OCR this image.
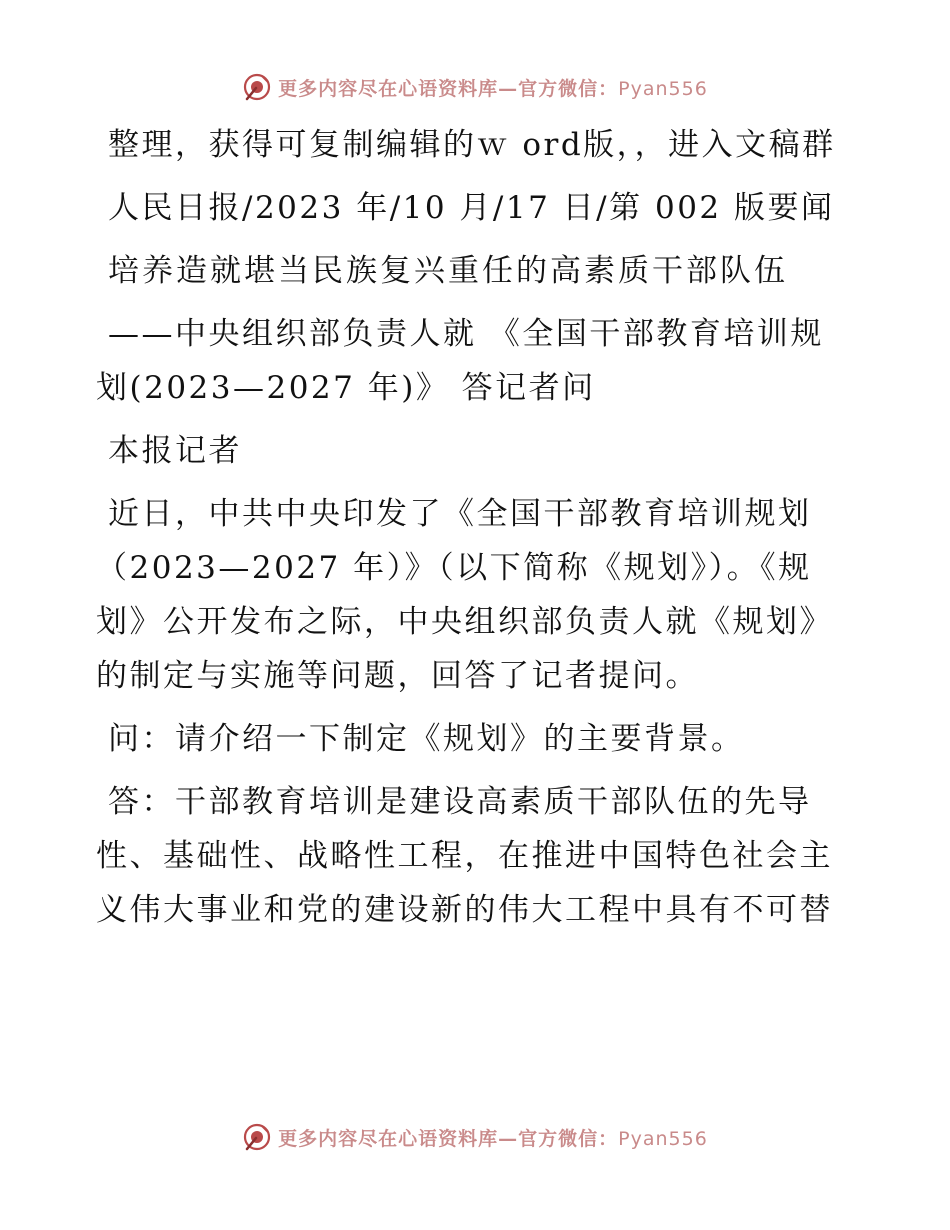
更多内容尽在心语资料库—官方微信：Pyan556

整理，获得可复制编辑的ｗ ord版，，进入文稿群

人民日报/2023 年/10 月/17 日/第 002 版要闻

培养造就堪当民族复兴重任的高素质干部队伍

——中央组织部负责人就 《全国干部教育培训规划(2023—2027 年)》 答记者问

本报记者

近日，中共中央印发了《全国干部教育培训规划（2023—2027 年）》（以下简称《规划》）。《规划》公开发布之际，中央组织部负责人就《规划》的制定与实施等问题，回答了记者提问。

问：请介绍一下制定《规划》的主要背景。

答：干部教育培训是建设高素质干部队伍的先导性、基础性、战略性工程，在推进中国特色社会主义伟大事业和党的建设新的伟大工程中具有不可替

更多内容尽在心语资料库—官方微信：Pyan556
